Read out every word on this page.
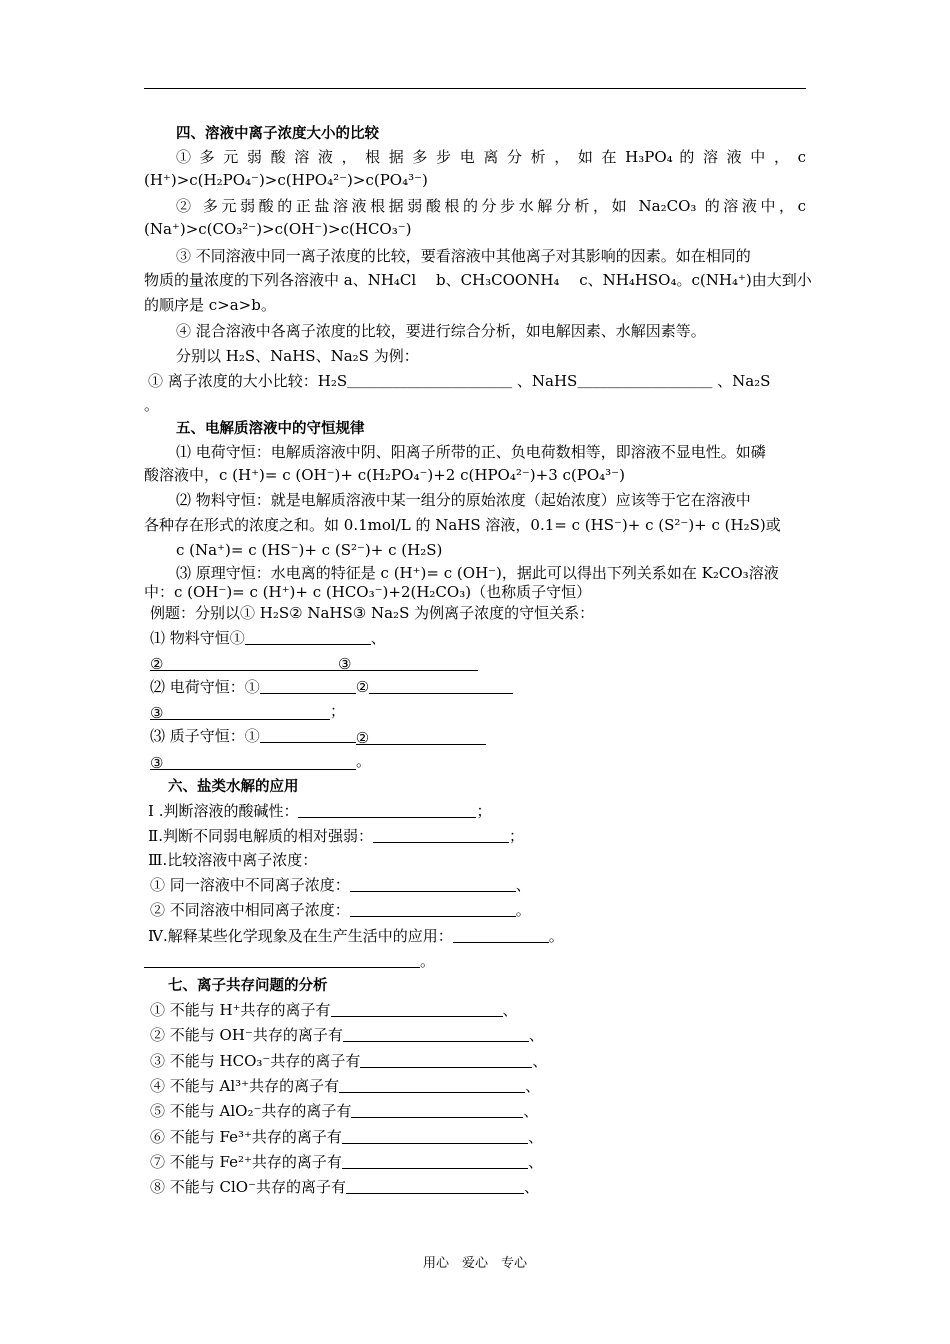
四、溶液中离子浓度大小的比较
① 多 元 弱 酸 溶 液 ， 根 据 多 步 电 离 分 析 ， 如 在 H₃PO₄ 的 溶 液 中 ， c
(H⁺)>c(H₂PO₄⁻)>c(HPO₄²⁻)>c(PO₄³⁻)
② 多元弱酸的正盐溶液根据弱酸根的分步水解分析，如 Na₂CO₃ 的溶液中，c
(Na⁺)>c(CO₃²⁻)>c(OH⁻)>c(HCO₃⁻)
③ 不同溶液中同一离子浓度的比较，要看溶液中其他离子对其影响的因素。如在相同的
物质的量浓度的下列各溶液中 a、NH₄Cl　 b、CH₃COONH₄　 c、NH₄HSO₄。c(NH₄⁺)由大到小
的顺序是 c>a>b。
④ 混合溶液中各离子浓度的比较，要进行综合分析，如电解因素、水解因素等。
分别以 H₂S、NaHS、Na₂S 为例：
① 离子浓度的大小比较：H₂S＿＿＿＿＿＿＿＿＿＿＿ 、NaHS＿＿＿＿＿＿＿＿＿ 、Na₂S
。
五、电解质溶液中的守恒规律
⑴ 电荷守恒：电解质溶液中阴、阳离子所带的正、负电荷数相等，即溶液不显电性。如磷
酸溶液中，c (H⁺)= c (OH⁻)+ c(H₂PO₄⁻)+2 c(HPO₄²⁻)+3 c(PO₄³⁻)
⑵ 物料守恒：就是电解质溶液中某一组分的原始浓度（起始浓度）应该等于它在溶液中
各种存在形式的浓度之和。如 0.1mol/L 的 NaHS 溶液，0.1= c (HS⁻)+ c (S²⁻)+ c (H₂S)或
c (Na⁺)= c (HS⁻)+ c (S²⁻)+ c (H₂S)
⑶ 原理守恒：水电离的特征是 c (H⁺)= c (OH⁻)，据此可以得出下列关系如在 K₂CO₃溶液
中：c (OH⁻)= c (H⁺)+ c (HCO₃⁻)+2(H₂CO₃)（也称质子守恒）
例题：分别以① H₂S② NaHS③ Na₂S 为例离子浓度的守恒关系：
⑴ 物料守恒①	、
②	③
⑵ 电荷守恒：①	②
③	；
⑶ 质子守恒：①	②
③	。
六、盐类水解的应用
Ⅰ .判断溶液的酸碱性：	；
Ⅱ.判断不同弱电解质的相对强弱：	；
Ⅲ.比较溶液中离子浓度：
① 同一溶液中不同离子浓度：	、
② 不同溶液中相同离子浓度：	。
Ⅳ.解释某些化学现象及在生产生活中的应用：	。
。
七、离子共存问题的分析
① 不能与 H⁺共存的离子有	、
② 不能与 OH⁻共存的离子有	、
③ 不能与 HCO₃⁻共存的离子有	、
④ 不能与 Al³⁺共存的离子有	、
⑤ 不能与 AlO₂⁻共存的离子有	、
⑥ 不能与 Fe³⁺共存的离子有	、
⑦ 不能与 Fe²⁺共存的离子有	、
⑧ 不能与 ClO⁻共存的离子有	、
用心　爱心　专心
